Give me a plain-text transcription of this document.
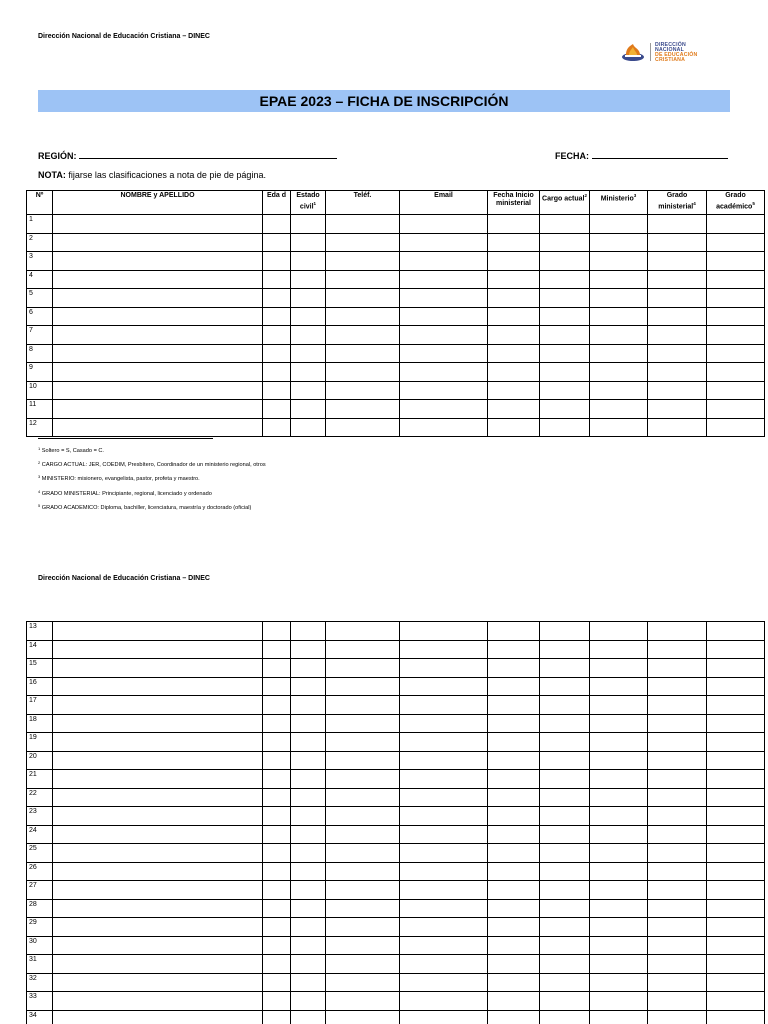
Dirección Nacional de Educación Cristiana – DINEC
DIRECCIÓN
NACIONAL
DE EDUCACIÓN
CRISTIANA
EPAE 2023 – FICHA DE INSCRIPCIÓN
REGIÓN:	FECHA:
NOTA: fijarse las clasificaciones a nota de pie de página.
Nº	NOMBRE y APELLIDO	Eda d	Estado civil$^1$	Teléf.	Email	Fecha Inicio ministerial	Cargo actual$^2$	Ministerio$^3$	Grado ministerial$^4$	Grado académico$^5$
1										
2										
3										
4										
5										
6										
7										
8										
9										
10										
11										
12										
$^1$ Soltero = S, Casado = C.
$^2$ CARGO ACTUAL: JER, COEDIM, Presbítero, Coordinador de un ministerio regional, otros
$^3$ MINISTERIO: misionero, evangelista, pastor, profeta y maestro.
$^4$ GRADO MINISTERIAL: Principiante, regional, licenciado y ordenado
$^5$ GRADO ACADEMICO: Diploma, bachiller, licenciatura, maestría y doctorado (oficial)
Dirección Nacional de Educación Cristiana – DINEC
13										
14										
15										
16										
17										
18										
19										
20										
21										
22										
23										
24										
25										
26										
27										
28										
29										
30										
31										
32										
33										
34										
